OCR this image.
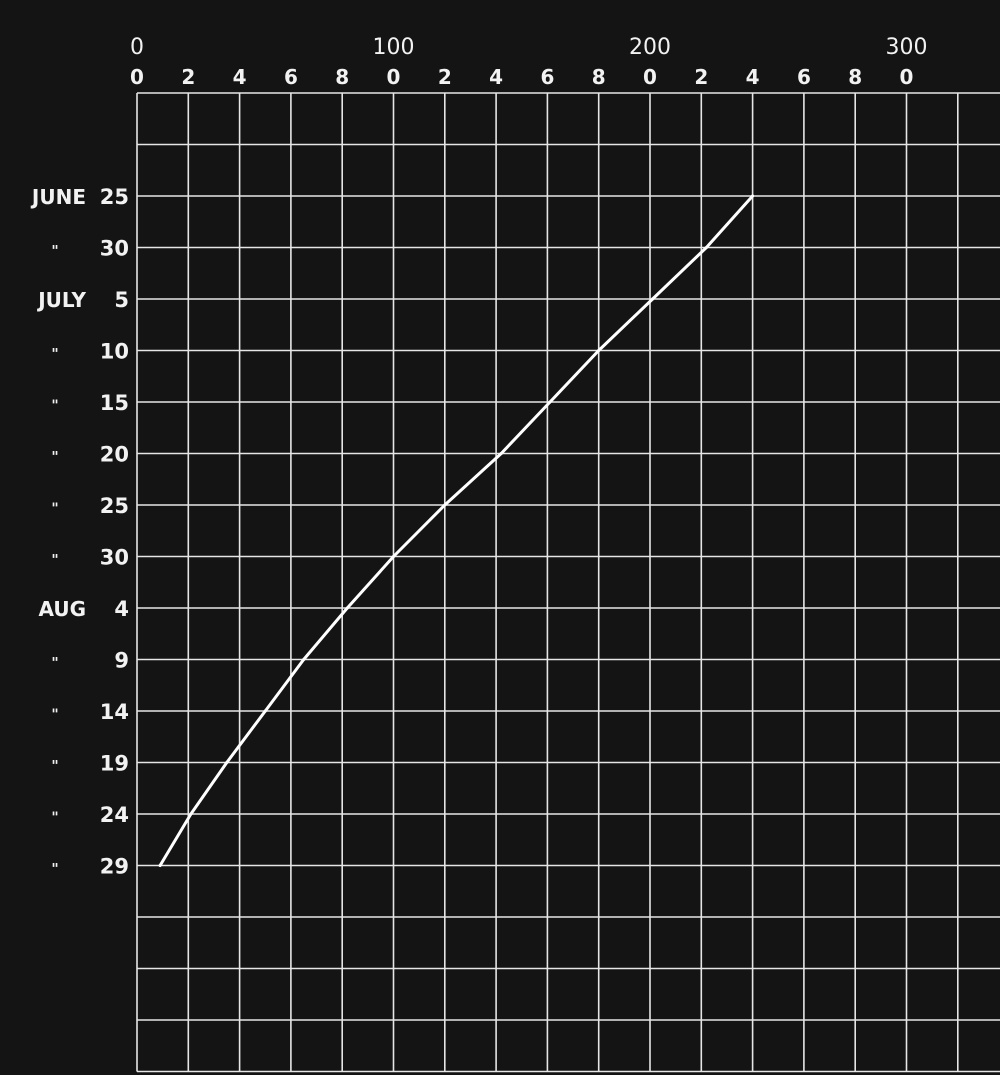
0	100	200	300
0 2 4 6 8 0 2 4 6 8 0 2 4 6 8 0
JUNE 25
" 30
JULY 5
" 10
" 15
" 20
" 25
" 30
AUG 4
"	9
" 14
" 19
" 24
" 29
